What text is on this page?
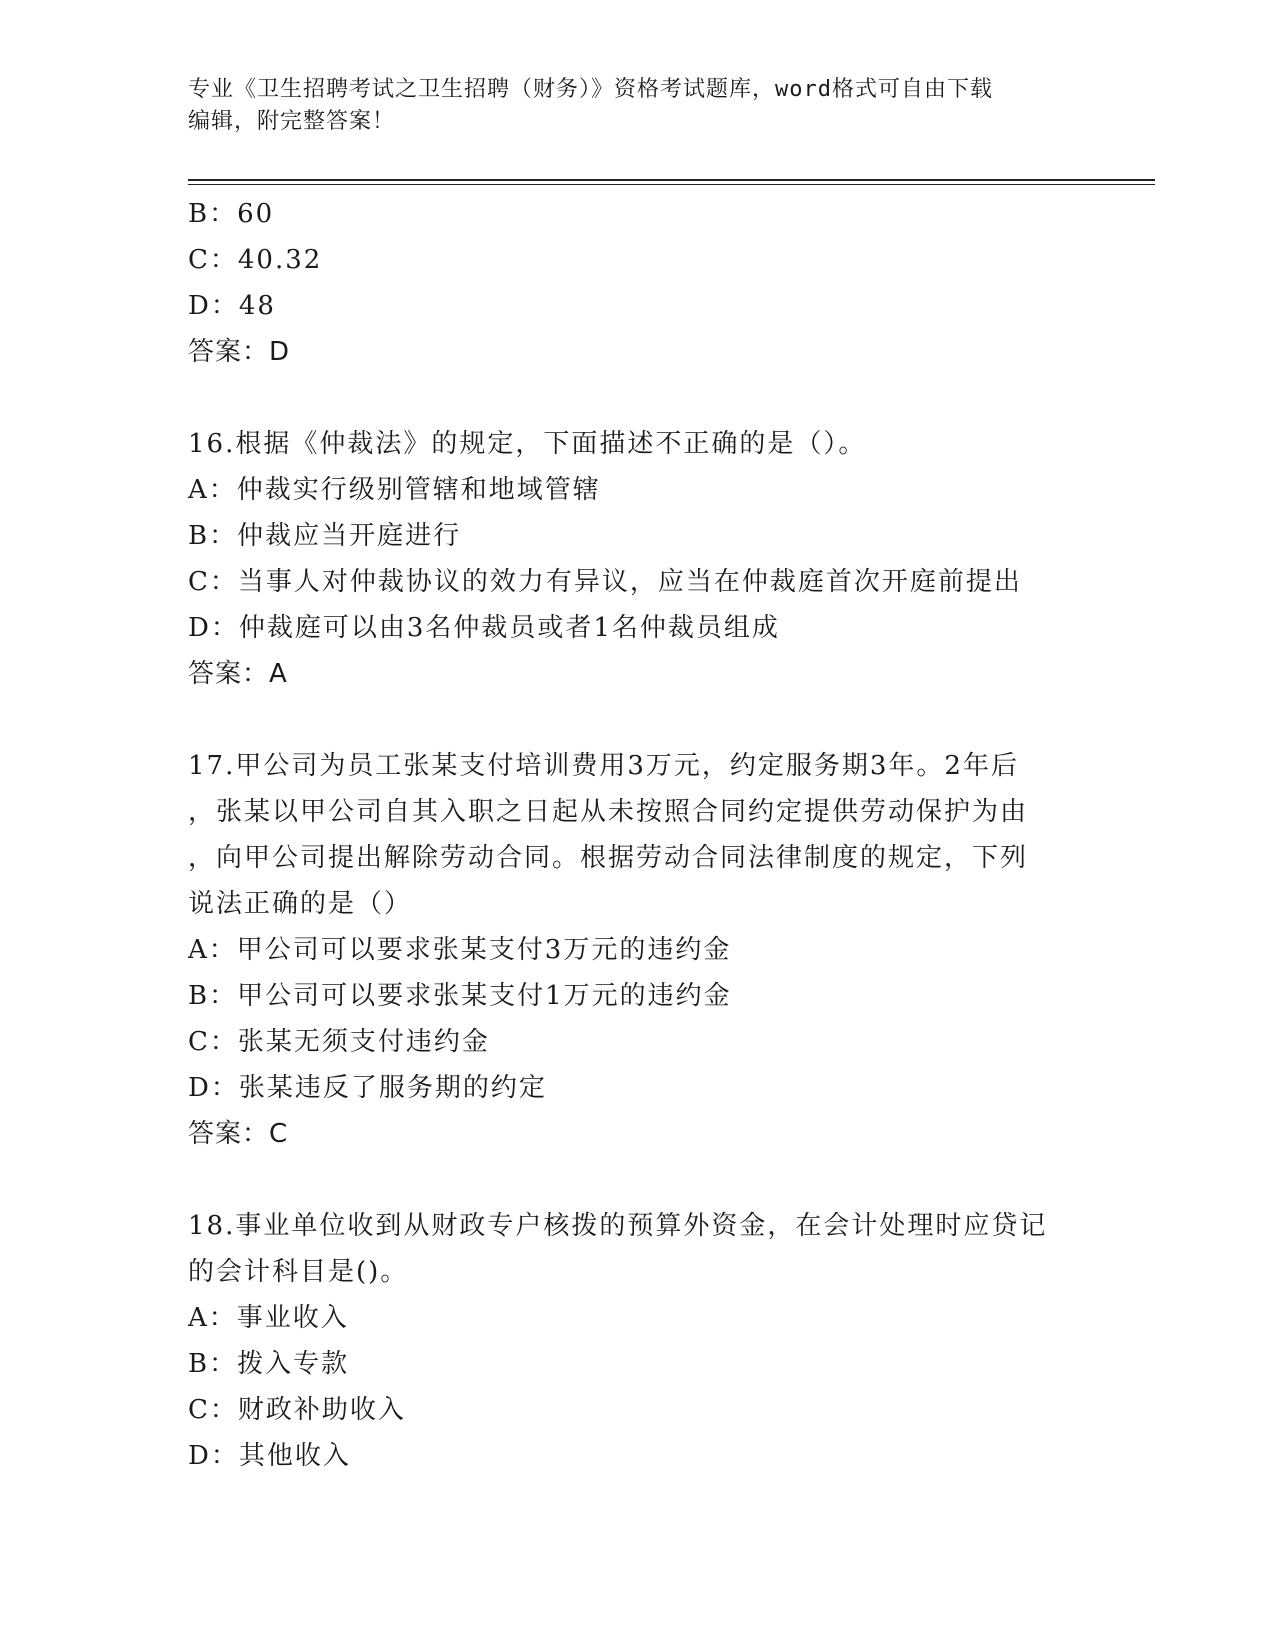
专业《卫生招聘考试之卫生招聘（财务）》资格考试题库，word格式可自由下载
编辑，附完整答案！
B：60
C：40.32
D：48
答案：D
16.根据《仲裁法》的规定，下面描述不正确的是（）。
A：仲裁实行级别管辖和地域管辖
B：仲裁应当开庭进行
C：当事人对仲裁协议的效力有异议，应当在仲裁庭首次开庭前提出
D：仲裁庭可以由3名仲裁员或者1名仲裁员组成
答案：A
17.甲公司为员工张某支付培训费用3万元，约定服务期3年。2年后
，张某以甲公司自其入职之日起从未按照合同约定提供劳动保护为由
，向甲公司提出解除劳动合同。根据劳动合同法律制度的规定，下列
说法正确的是（）
A：甲公司可以要求张某支付3万元的违约金
B：甲公司可以要求张某支付1万元的违约金
C：张某无须支付违约金
D：张某违反了服务期的约定
答案：C
18.事业单位收到从财政专户核拨的预算外资金，在会计处理时应贷记
的会计科目是()。
A：事业收入
B：拨入专款
C：财政补助收入
D：其他收入
